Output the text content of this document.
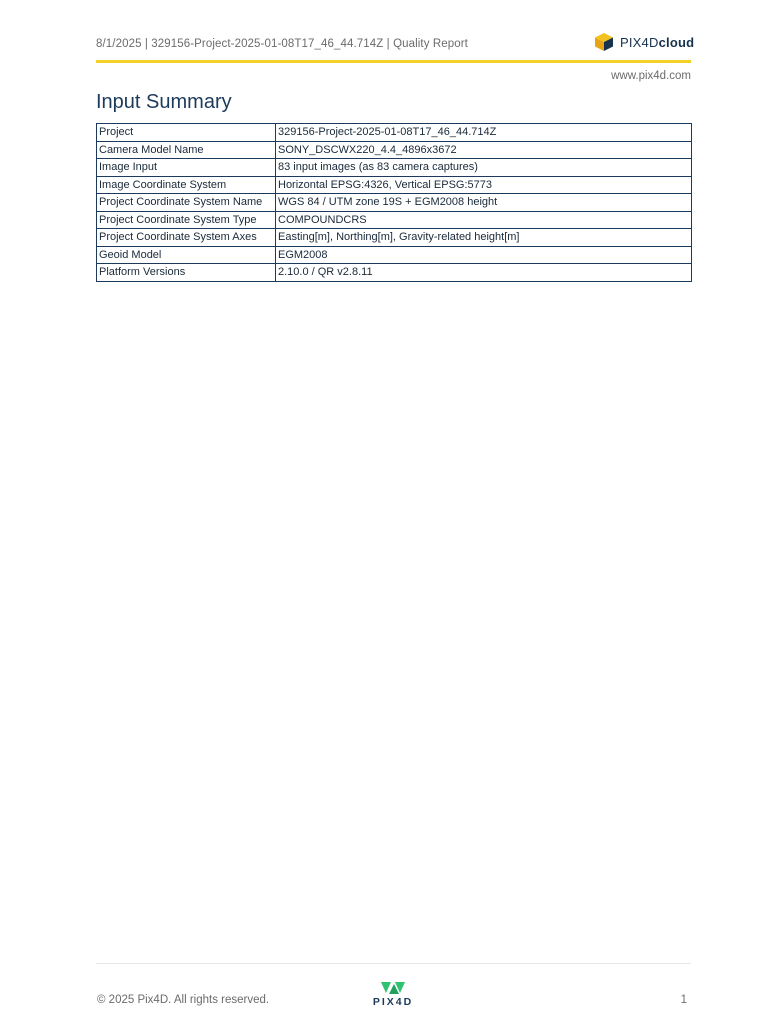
8/1/2025 | 329156-Project-2025-01-08T17_46_44.714Z | Quality Report	PIX4Dcloud
www.pix4d.com
Input Summary
Project	329156-Project-2025-01-08T17_46_44.714Z
Camera Model Name	SONY_DSCWX220_4.4_4896x3672
Image Input	83 input images (as 83 camera captures)
Image Coordinate System	Horizontal EPSG:4326, Vertical EPSG:5773
Project Coordinate System Name	WGS 84 / UTM zone 19S + EGM2008 height
Project Coordinate System Type	COMPOUNDCRS
Project Coordinate System Axes	Easting[m], Northing[m], Gravity-related height[m]
Geoid Model	EGM2008
Platform Versions	2.10.0 / QR v2.8.11
© 2025 Pix4D. All rights reserved.	PIX4D	1
